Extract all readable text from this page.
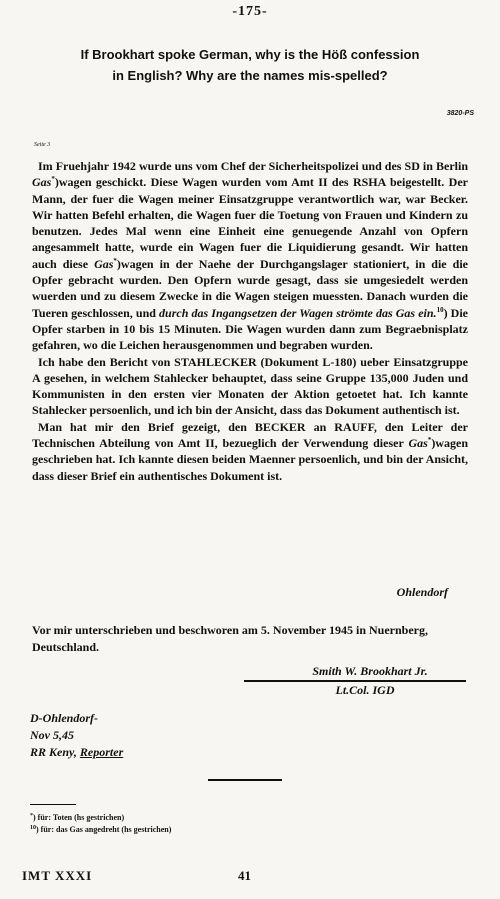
-175-
If Brookhart spoke German, why is the Höß confession
in English? Why are the names mis-spelled?
3820-PS
Seite 3

Im Fruehjahr 1942 wurde uns vom Chef der Sicherheitspolizei und des SD in Berlin Gas*)wagen geschickt. Diese Wagen wurden vom Amt II des RSHA beigestellt. Der Mann, der fuer die Wagen meiner Einsatzgruppe verantwortlich war, war Becker. Wir hatten Befehl erhalten, die Wagen fuer die Toetung von Frauen und Kindern zu benutzen. Jedes Mal wenn eine Einheit eine genuegende Anzahl von Opfern angesammelt hatte, wurde ein Wagen fuer die Liquidierung gesandt. Wir hatten auch diese Gas*)wagen in der Naehe der Durchgangslager stationiert, in die die Opfer gebracht wurden. Den Opfern wurde gesagt, dass sie umgesiedelt werden wuerden und zu diesem Zwecke in die Wagen steigen muessten. Danach wurden die Tueren geschlossen, und durch das Ingangsetzen der Wagen strömte das Gas ein.$^{10}$) Die Opfer starben in 10 bis 15 Minuten. Die Wagen wurden dann zum Begraebnisplatz gefahren, wo die Leichen herausgenommen und begraben wurden.

Ich habe den Bericht von STAHLECKER (Dokument L-180) ueber Einsatzgruppe A gesehen, in welchem Stahlecker behauptet, dass seine Gruppe 135,000 Juden und Kommunisten in den ersten vier Monaten der Aktion getoetet hat. Ich kannte Stahlecker persoenlich, und ich bin der Ansicht, dass das Dokument authentisch ist.

Man hat mir den Brief gezeigt, den BECKER an RAUFF, den Leiter der Technischen Abteilung von Amt II, bezueglich der Verwendung dieser Gas*)wagen geschrieben hat. Ich kannte diesen beiden Maenner persoenlich, und bin der Ansicht, dass dieser Brief ein authentisches Dokument ist.

Ohlendorf
Vor mir unterschrieben und beschworen am 5. November 1945 in Nuernberg, Deutschland.
Smith W. Brookhart Jr.
Lt.Col. IGD
D-Ohlendorf-
Nov 5,45
RR Keny, Reporter
*) für: Toten (hs gestrichen)
$^{10}$) für: das Gas angedreht (hs gestrichen)
IMT XXXI	41
